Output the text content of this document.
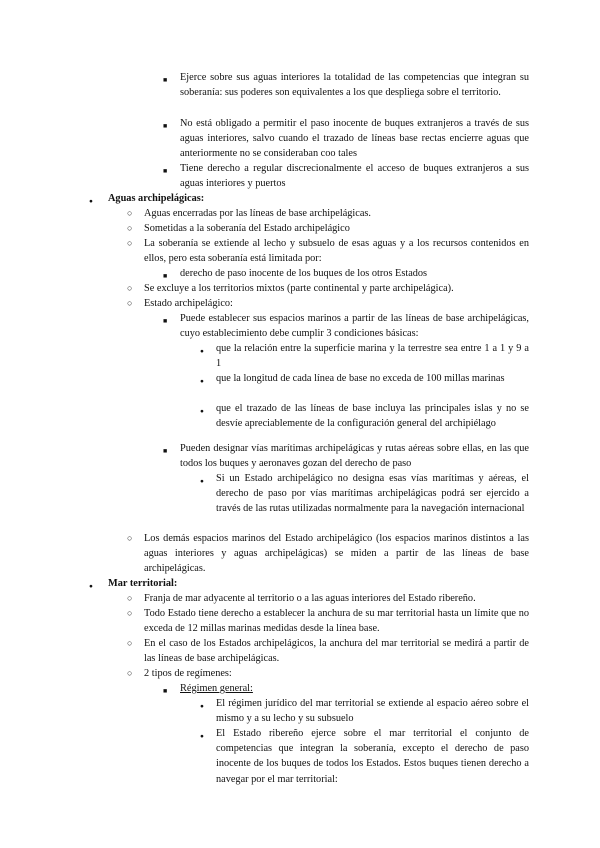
■
Ejerce sobre sus aguas interiores la totalidad de las competencias que integran su soberanía: sus poderes son equivalentes a los que despliega sobre el territorio.
■
No está obligado a permitir el paso inocente de buques extranjeros a través de sus aguas interiores, salvo cuando el trazado de líneas base rectas encierre aguas que anteriormente no se consideraban coo tales
■
Tiene derecho a regular discrecionalmente el acceso de buques extranjeros a sus aguas interiores y puertos
●
Aguas archipelágicas:
○
Aguas encerradas por las líneas de base archipelágicas.
○
Sometidas a la soberanía del Estado archipelágico
○
La soberanía se extiende al lecho y subsuelo de esas aguas y a los recursos contenidos en ellos, pero esta soberanía está limitada por:
■
derecho de paso inocente de los buques de los otros Estados
○
Se excluye a los territorios mixtos (parte continental y parte archipelágica).
○
Estado archipelágico:
■
Puede establecer sus espacios marinos a partir de las líneas de base archipelágicas, cuyo establecimiento debe cumplir 3 condiciones básicas:
●
que la relación entre la superficie marina y la terrestre sea entre 1 a 1 y 9 a 1
●
que la longitud de cada línea de base no exceda de 100 millas marinas
●
que el trazado de las líneas de base incluya las principales islas y no se desvíe apreciablemente de la configuración general del archipiélago
■
Pueden designar vías marítimas archipelágicas y rutas aéreas sobre ellas, en las que todos los buques y aeronaves gozan del derecho de paso
●
Si un Estado archipelágico no designa esas vías marítimas y aéreas, el derecho de paso por vías marítimas archipelágicas podrá ser ejercido a través de las rutas utilizadas normalmente para la navegación internacional
○
Los demás espacios marinos del Estado archipelágico (los espacios marinos distintos a las aguas interiores y aguas archipelágicas) se miden a partir de las líneas de base archipelágicas.
●
Mar territorial:
○
Franja de mar adyacente al territorio o a las aguas interiores del Estado ribereño.
○
Todo Estado tiene derecho a establecer la anchura de su mar territorial hasta un límite que no exceda de 12 millas marinas medidas desde la línea base.
○
En el caso de los Estados archipelágicos, la anchura del mar territorial se medirá a partir de las líneas de base archipelágicas.
○
2 tipos de regímenes:
■
Régimen general:
●
El régimen jurídico del mar territorial se extiende al espacio aéreo sobre el mismo y a su lecho y su subsuelo
●
El Estado ribereño ejerce sobre el mar territorial el conjunto de competencias que integran la soberanía, excepto el derecho de paso inocente de los buques de todos los Estados. Estos buques tienen derecho a navegar por el mar territorial:
